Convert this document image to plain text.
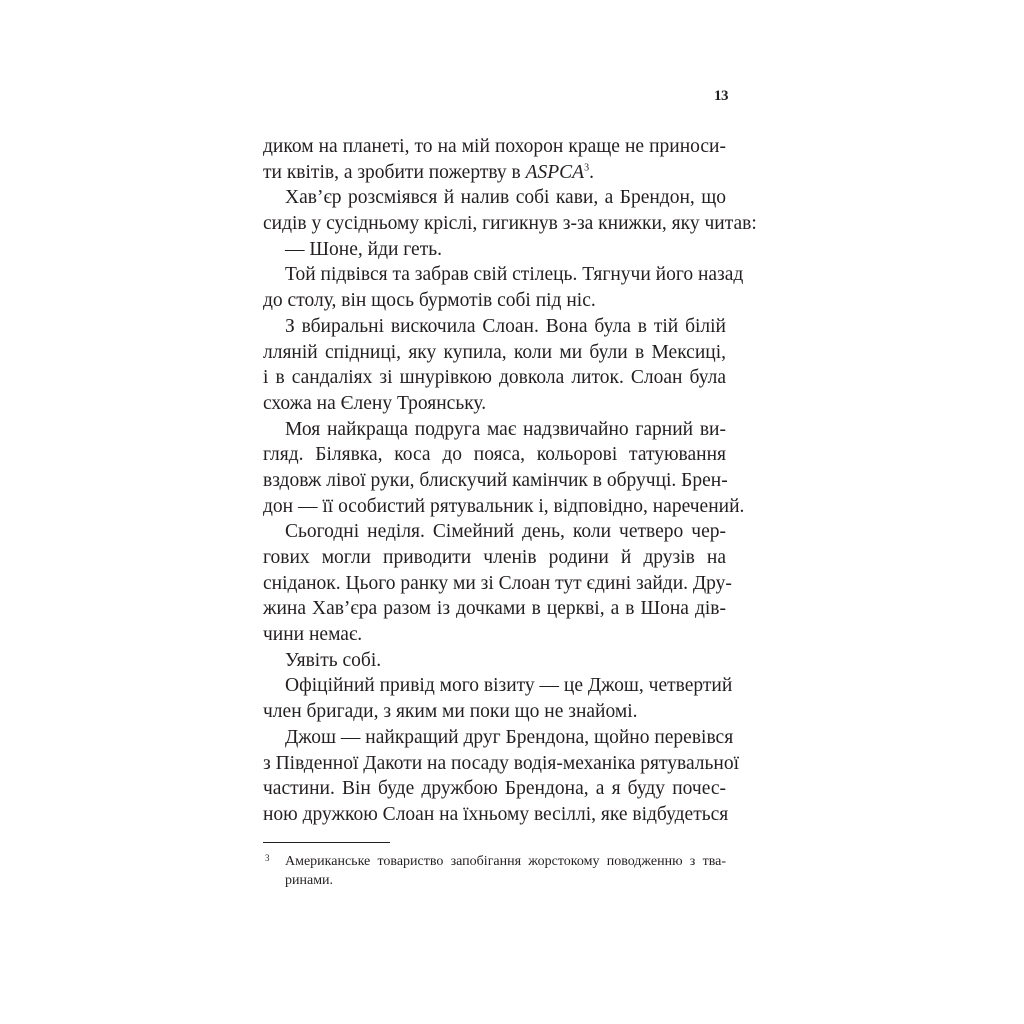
13
диком на планеті, то на мій похорон краще не приноси-
ти квітів, а зробити пожертву в ASPCA$^3$.
Хав’єр розсміявся й налив собі кави, а Брендон, що
сидів у сусідньому кріслі, гигикнув з-за книжки, яку читав:
— Шоне, йди геть.
Той підвівся та забрав свій стілець. Тягнучи його назад
до столу, він щось бурмотів собі під ніс.
З вбиральні вискочила Слоан. Вона була в тій білій
лляній спідниці, яку купила, коли ми були в Мексиці,
і в сандаліях зі шнурівкою довкола литок. Слоан була
схожа на Єлену Троянську.
Моя найкраща подруга має надзвичайно гарний ви-
гляд. Білявка, коса до пояса, кольорові татуювання
вздовж лівої руки, блискучий камінчик в обручці. Брен-
дон — її особистий рятувальник і, відповідно, наречений.
Сьогодні неділя. Сімейний день, коли четверо чер-
гових могли приводити членів родини й друзів на
сніданок. Цього ранку ми зі Слоан тут єдині зайди. Дру-
жина Хав’єра разом із дочками в церкві, а в Шона дів-
чини немає.
Уявіть собі.
Офіційний привід мого візиту — це Джош, четвертий
член бригади, з яким ми поки що не знайомі.
Джош — найкращий друг Брендона, щойно перевівся
з Південної Дакоти на посаду водія-механіка рятувальної
частини. Він буде дружбою Брендона, а я буду почес-
ною дружкою Слоан на їхньому весіллі, яке відбудеться
3 Американське товариство запобігання жорстокому поводженню з тва-
ринами.
